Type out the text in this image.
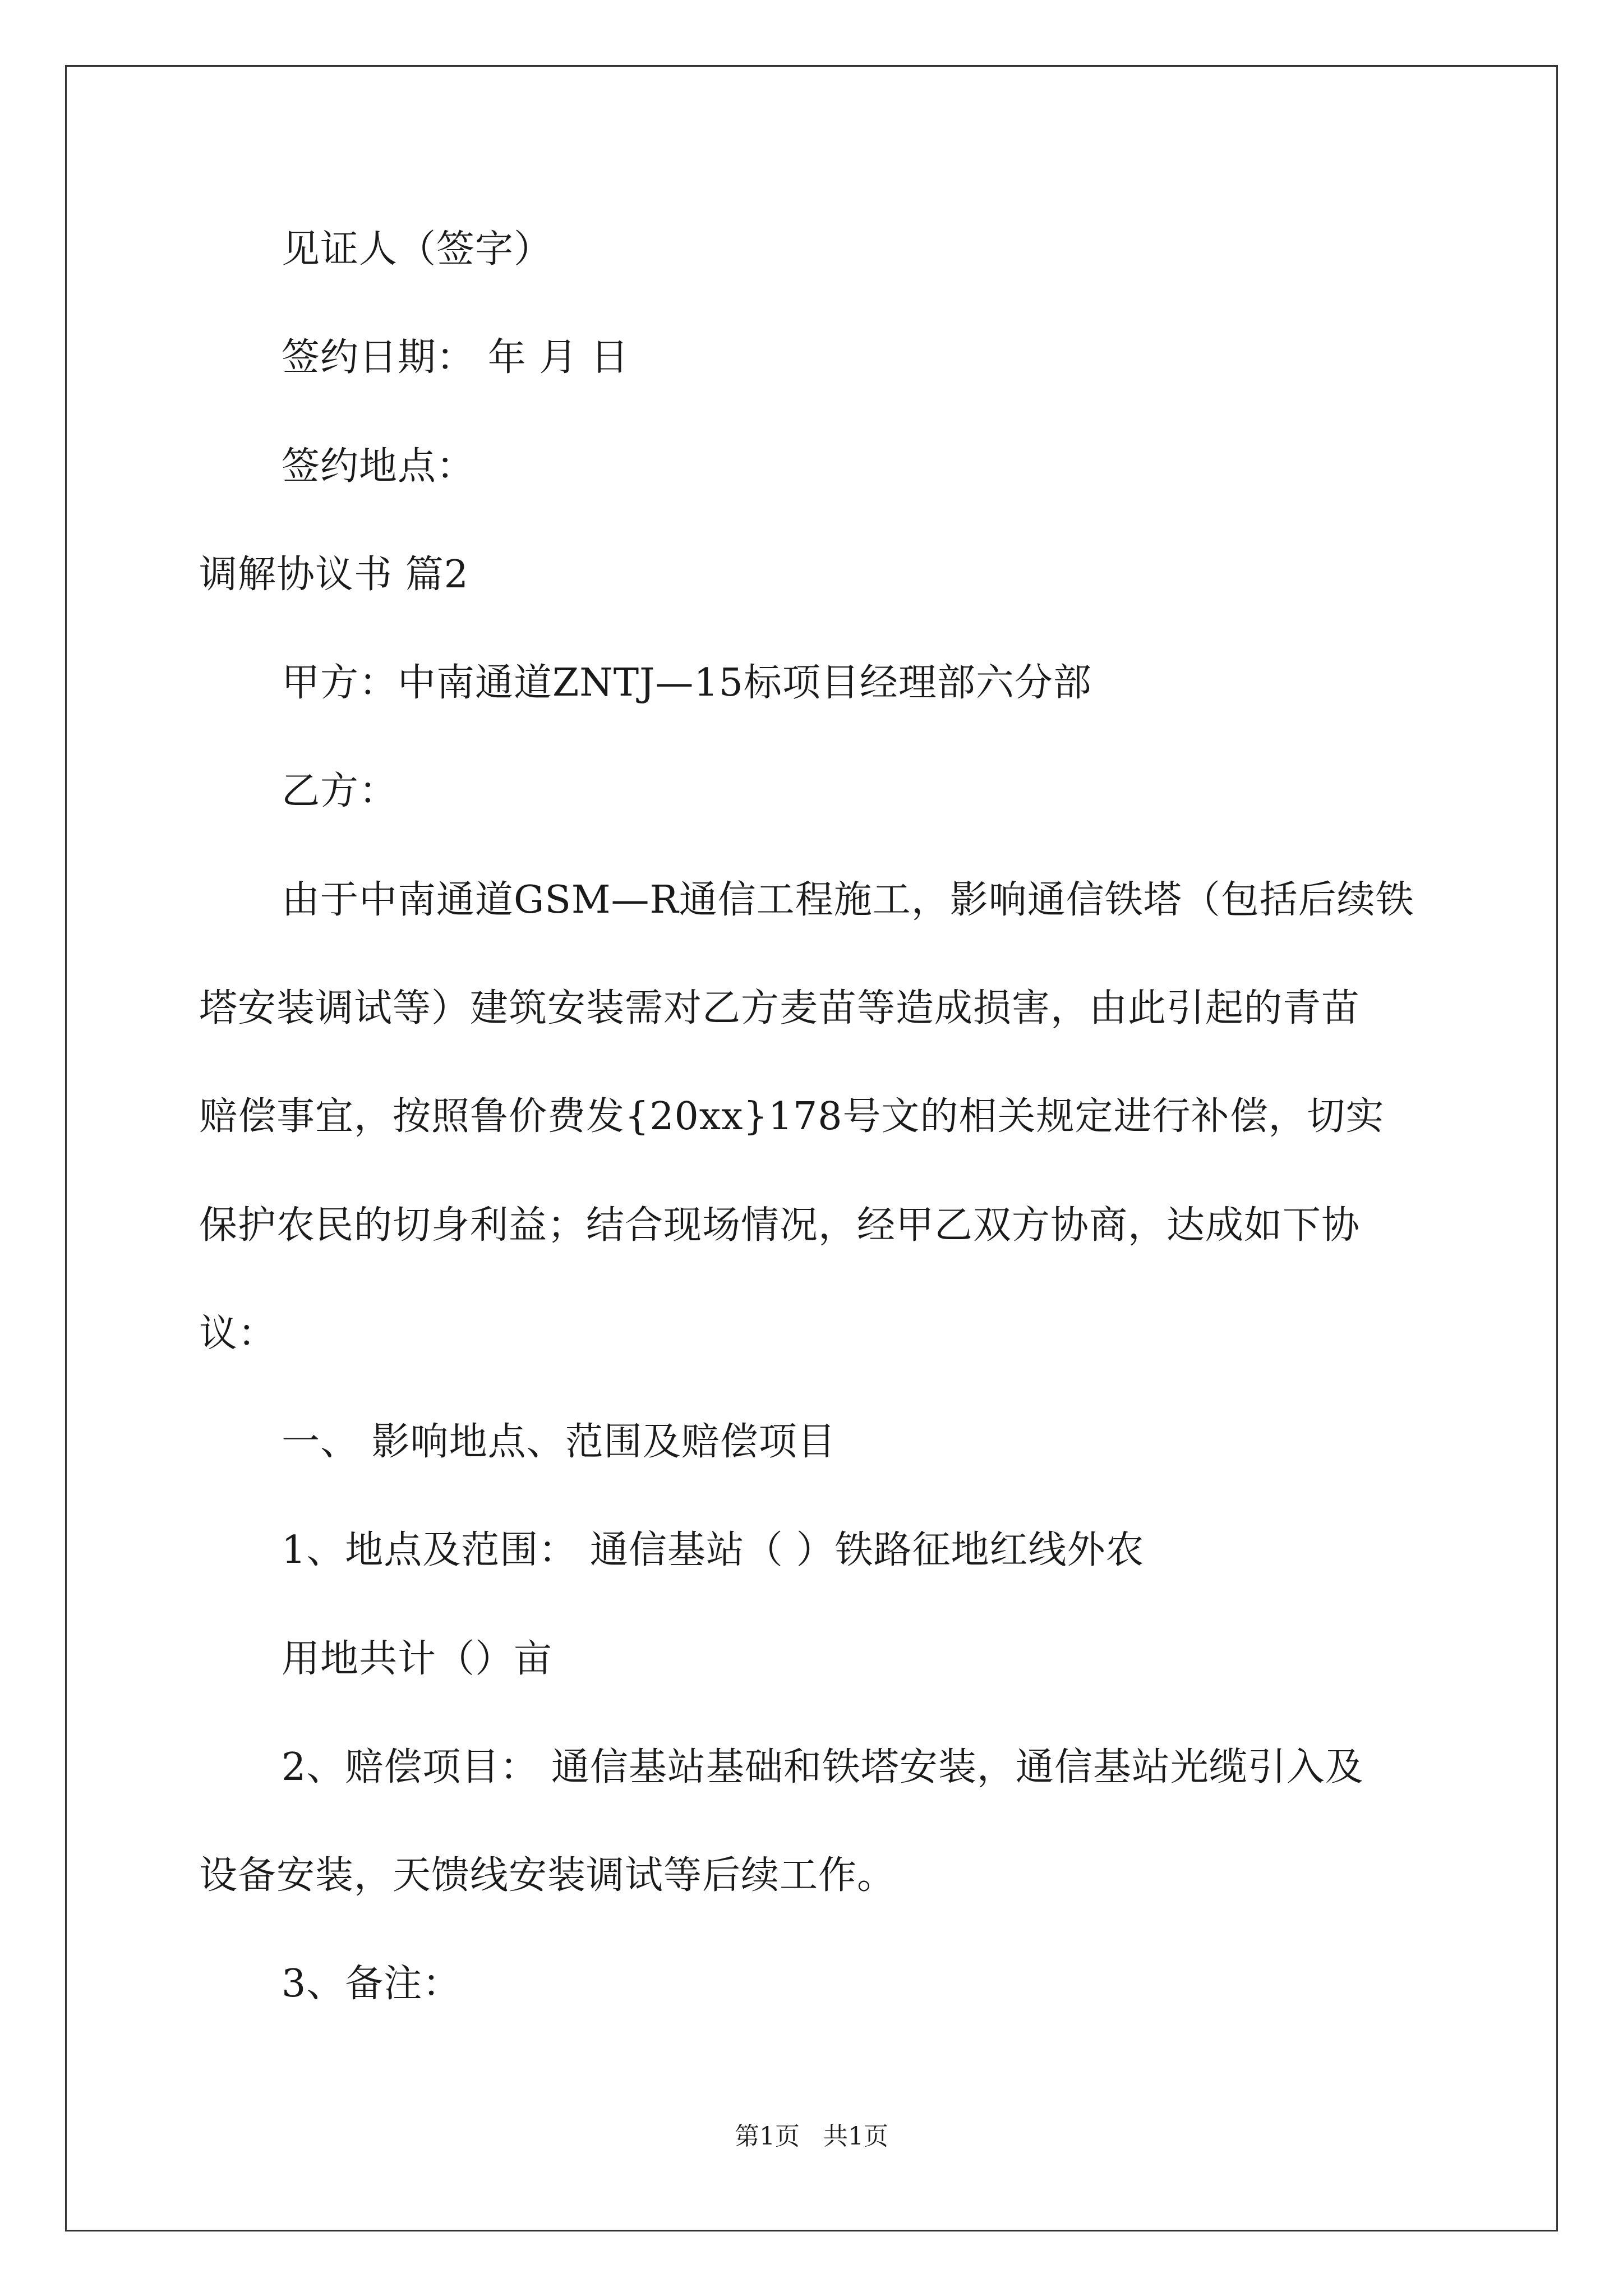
见证人（签字）
签约日期： 年 月 日
签约地点：
调解协议书 篇2
甲方：中南通道ZNTJ—15标项目经理部六分部
乙方：
由于中南通道GSM—R通信工程施工，影响通信铁塔（包括后续铁
塔安装调试等）建筑安装需对乙方麦苗等造成损害，由此引起的青苗
赔偿事宜，按照鲁价费发{20xx}178号文的相关规定进行补偿，切实
保护农民的切身利益；结合现场情况，经甲乙双方协商，达成如下协
议：
一、 影响地点、范围及赔偿项目
1、地点及范围： 通信基站（ ）铁路征地红线外农
用地共计（）亩
2、赔偿项目： 通信基站基础和铁塔安装，通信基站光缆引入及
设备安装，天馈线安装调试等后续工作。
3、备注：
第1页   共1页
